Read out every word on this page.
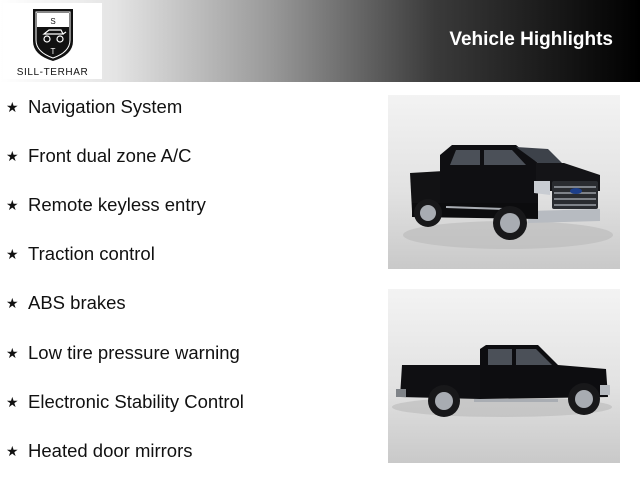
S
T
SILL-TERHAR
Vehicle Highlights
★ Navigation System
★ Front dual zone A/C
★ Remote keyless entry
★ Traction control
★ ABS brakes
★ Low tire pressure warning
★ Electronic Stability Control
★ Heated door mirrors
